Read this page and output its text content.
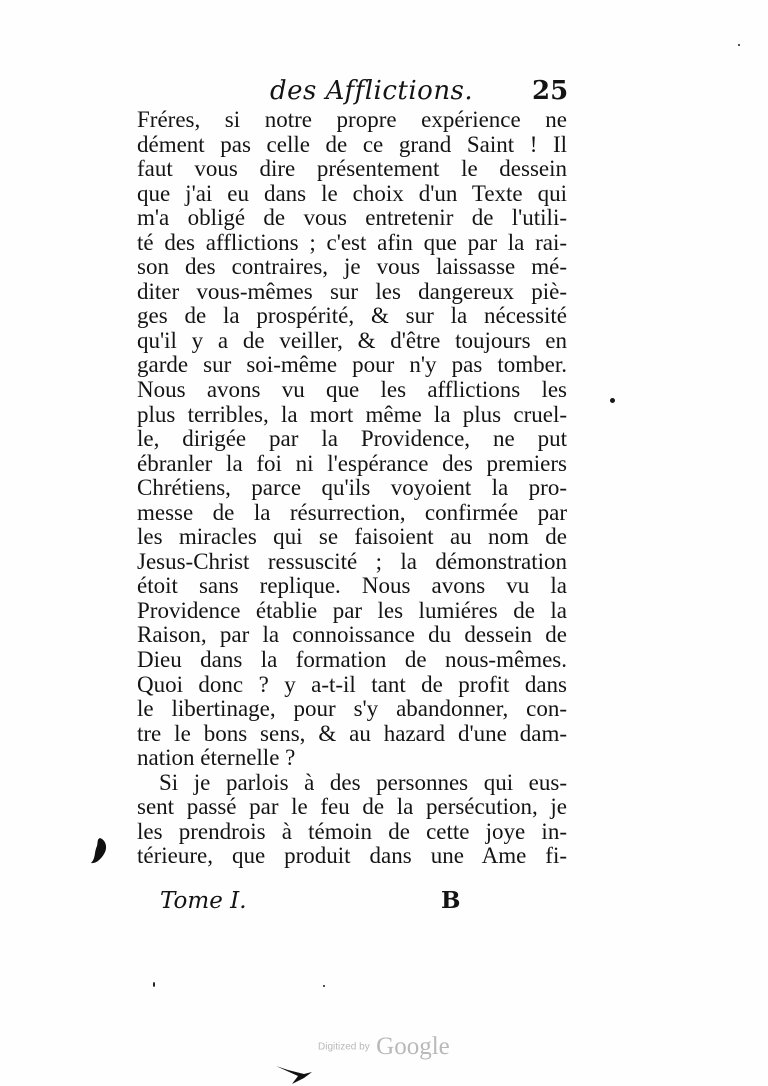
des Afflictions. 25
Fréres, si notre propre expérience ne
dément pas celle de ce grand Saint ! Il
faut vous dire présentement le dessein
que j'ai eu dans le choix d'un Texte qui
m'a obligé de vous entretenir de l'utili-
té des afflictions ; c'est afin que par la rai-
son des contraires, je vous laissasse mé-
diter vous-mêmes sur les dangereux piè-
ges de la prospérité, & sur la nécessité
qu'il y a de veiller, & d'être toujours en
garde sur soi-même pour n'y pas tomber.
Nous avons vu que les afflictions les
plus terribles, la mort même la plus cruel-
le, dirigée par la Providence, ne put
ébranler la foi ni l'espérance des premiers
Chrétiens, parce qu'ils voyoient la pro-
messe de la résurrection, confirmée par
les miracles qui se faisoient au nom de
Jesus-Christ ressuscité ; la démonstration
étoit sans replique. Nous avons vu la
Providence établie par les lumiéres de la
Raison, par la connoissance du dessein de
Dieu dans la formation de nous-mêmes.
Quoi donc ? y a-t-il tant de profit dans
le libertinage, pour s'y abandonner, con-
tre le bons sens, & au hazard d'une dam-
nation éternelle ?
Si je parlois à des personnes qui eus-
sent passé par le feu de la persécution, je
les prendrois à témoin de cette joye in-
térieure, que produit dans une Ame fi-
Tome I.	B
Digitized by Google
